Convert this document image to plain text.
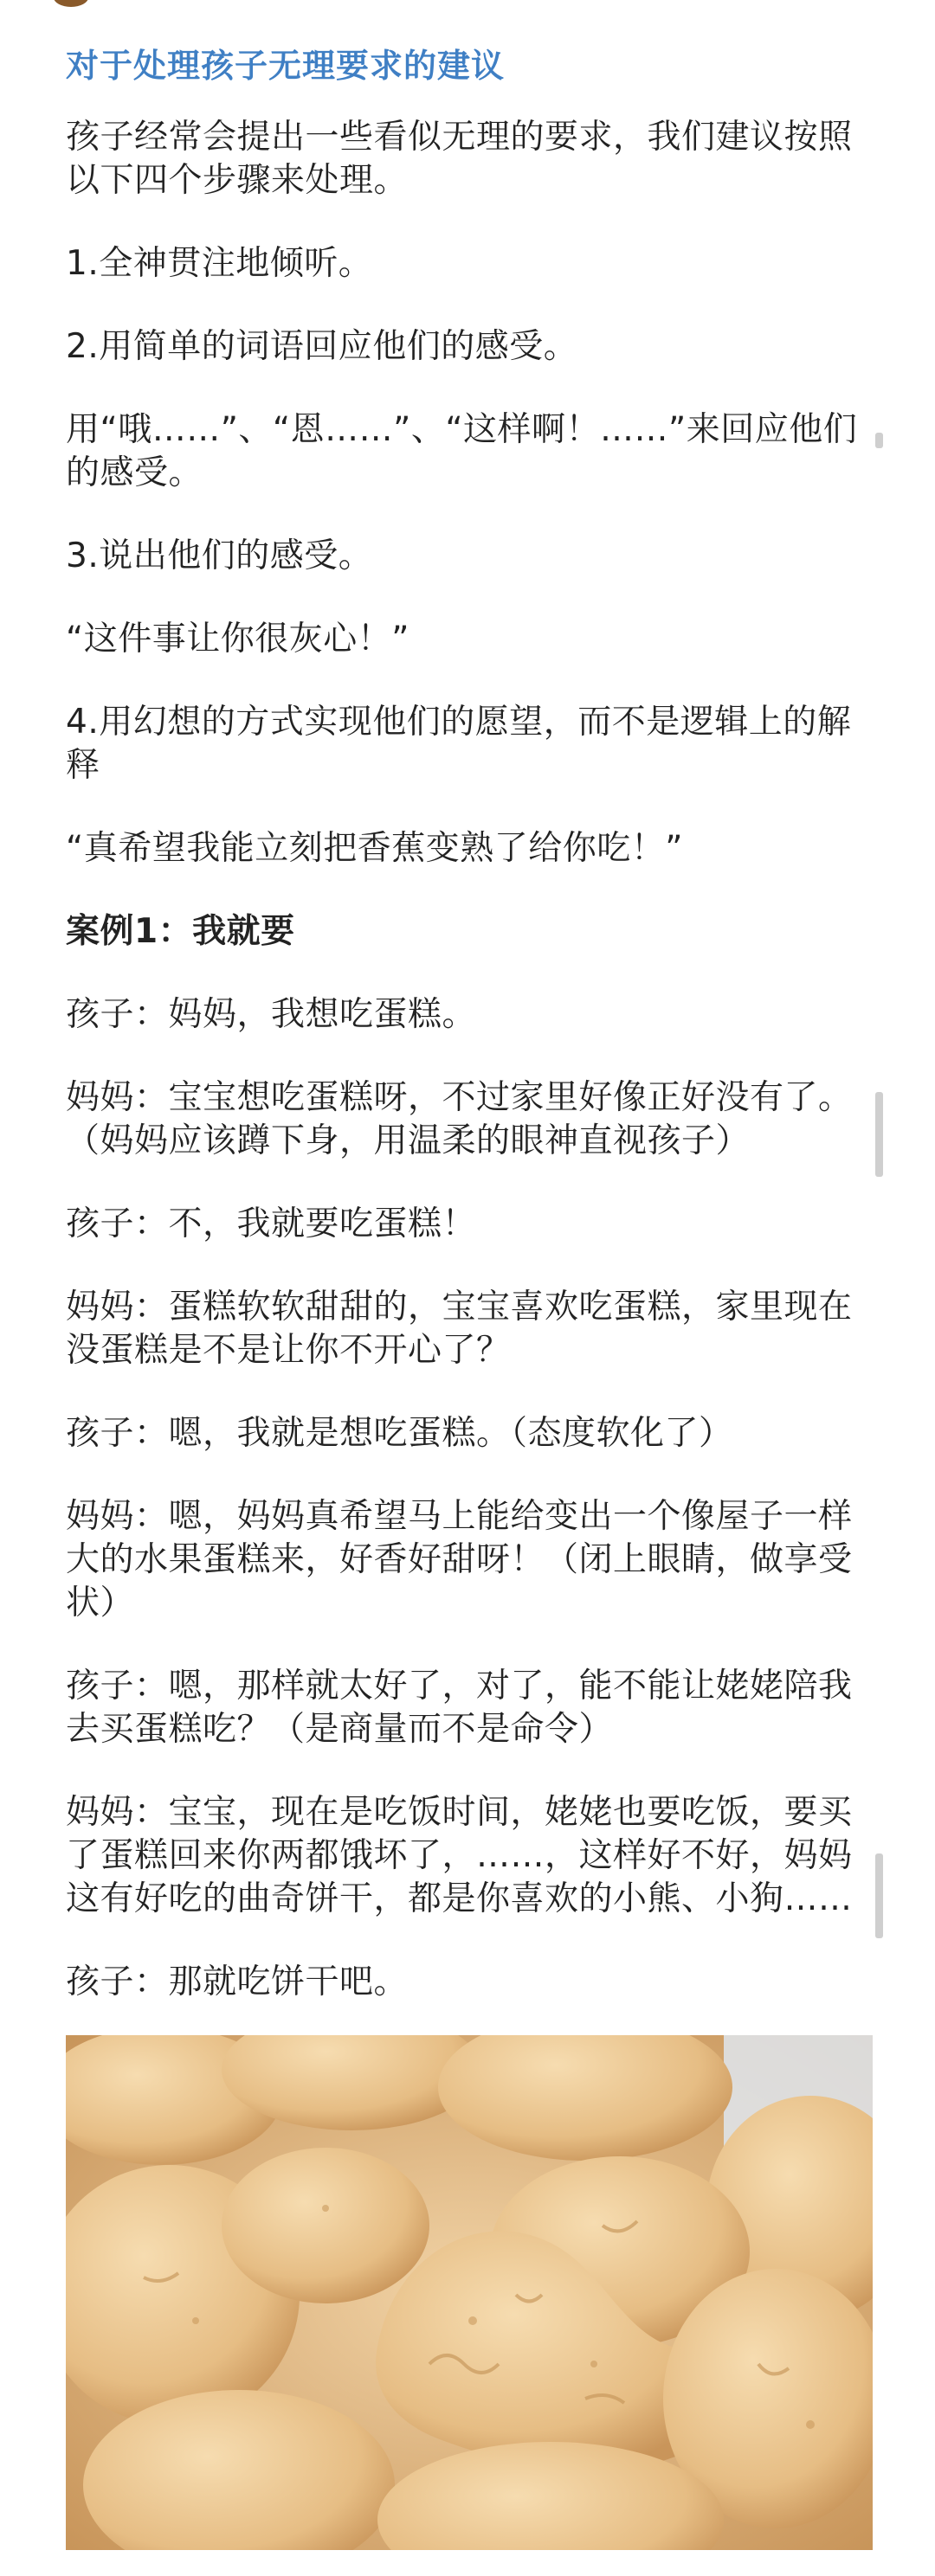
对于处理孩子无理要求的建议
孩子经常会提出一些看似无理的要求，我们建议按照以下四个步骤来处理。
1.全神贯注地倾听。
2.用简单的词语回应他们的感受。
用“哦……”、“恩……”、“这样啊！……”来回应他们的感受。
3.说出他们的感受。
“这件事让你很灰心！”
4.用幻想的方式实现他们的愿望，而不是逻辑上的解释
“真希望我能立刻把香蕉变熟了给你吃！”
案例1：我就要
孩子：妈妈，我想吃蛋糕。
妈妈：宝宝想吃蛋糕呀，不过家里好像正好没有了。（妈妈应该蹲下身，用温柔的眼神直视孩子）
孩子：不，我就要吃蛋糕！
妈妈：蛋糕软软甜甜的，宝宝喜欢吃蛋糕，家里现在没蛋糕是不是让你不开心了？
孩子：嗯，我就是想吃蛋糕。（态度软化了）
妈妈：嗯，妈妈真希望马上能给变出一个像屋子一样大的水果蛋糕来，好香好甜呀！（闭上眼睛，做享受状）
孩子：嗯，那样就太好了，对了，能不能让姥姥陪我去买蛋糕吃？（是商量而不是命令）
妈妈：宝宝，现在是吃饭时间，姥姥也要吃饭，要买了蛋糕回来你两都饿坏了，……，这样好不好，妈妈这有好吃的曲奇饼干，都是你喜欢的小熊、小狗……
孩子：那就吃饼干吧。
